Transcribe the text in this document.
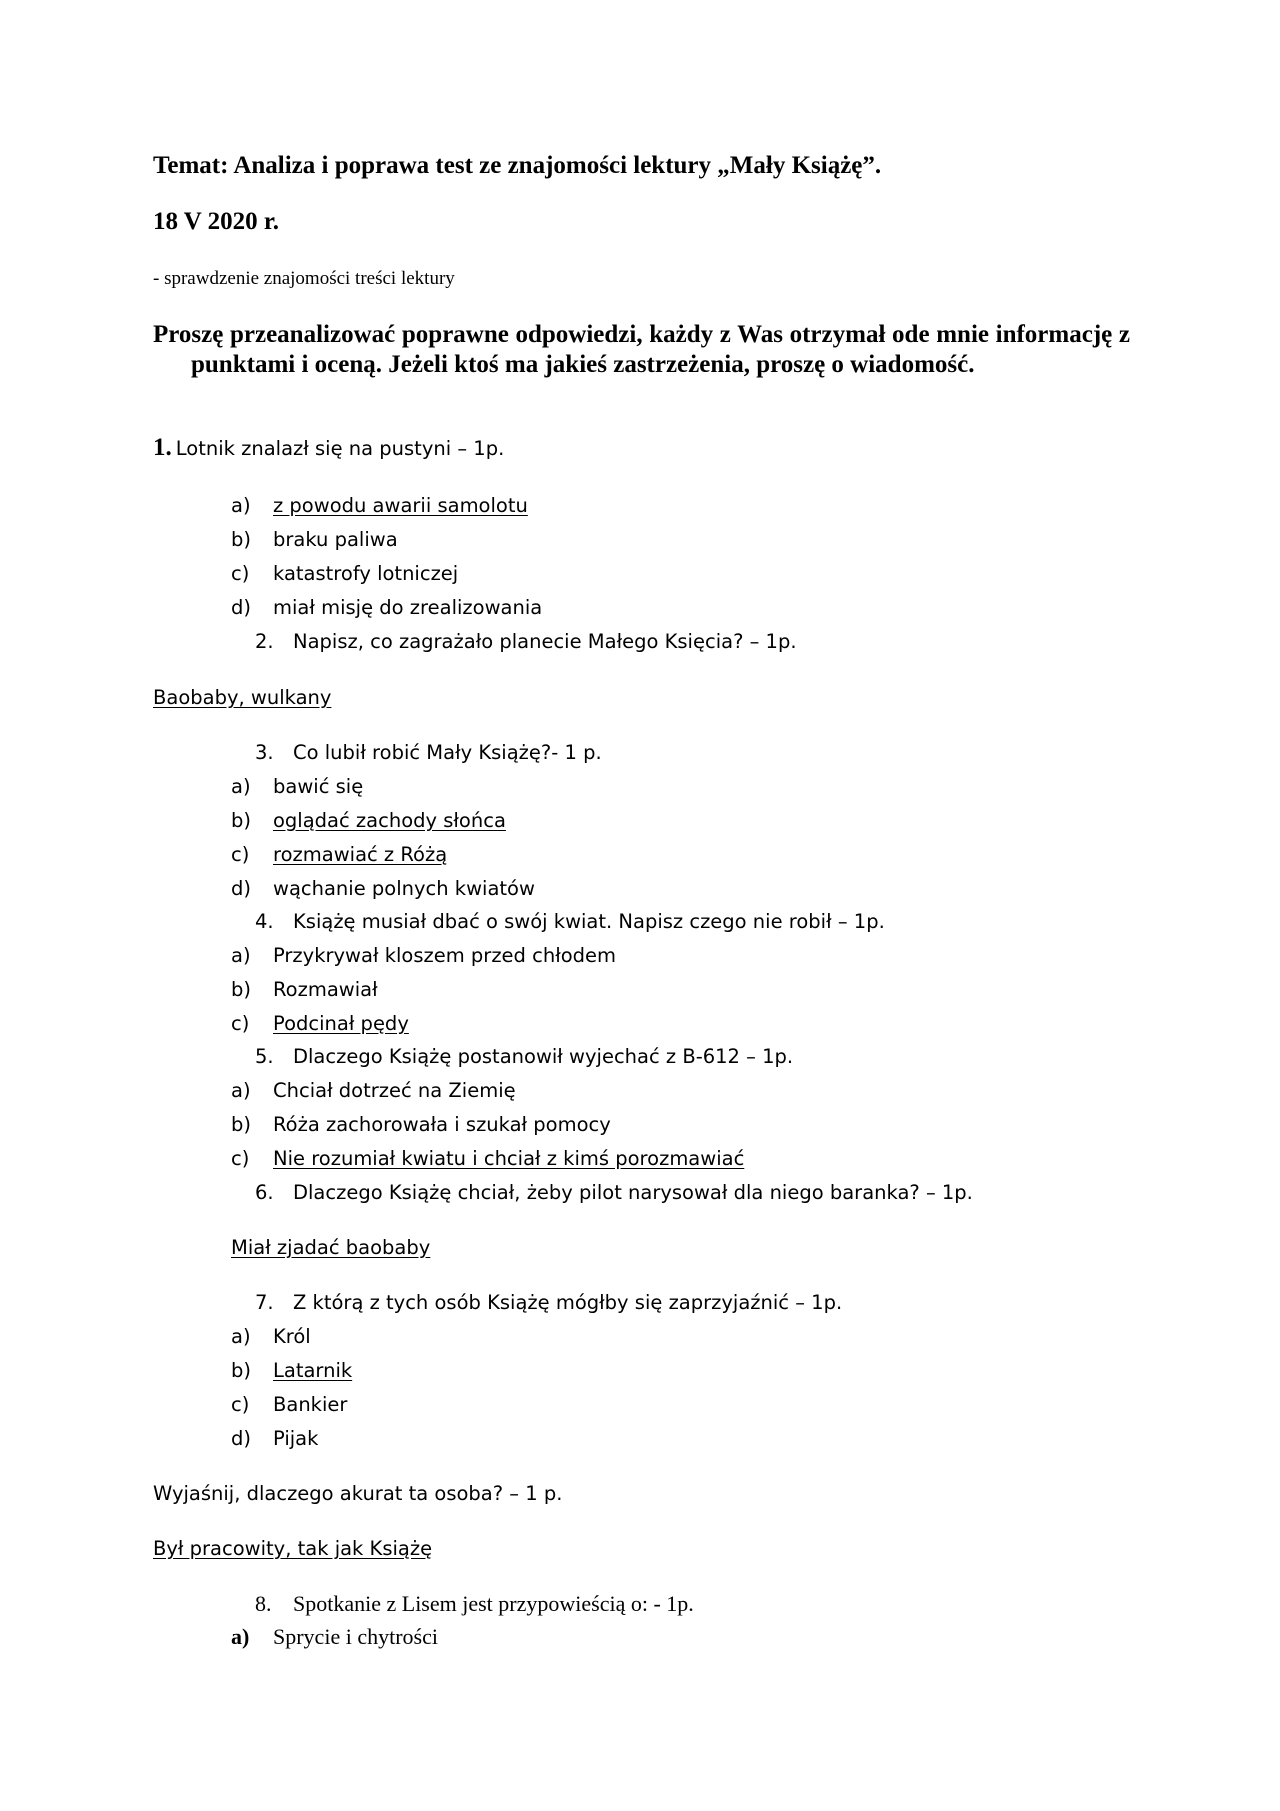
Temat: Analiza i poprawa test ze znajomości lektury „Mały Książę”.
18 V 2020 r.
- sprawdzenie znajomości treści lektury
Proszę przeanalizować poprawne odpowiedzi, każdy z Was otrzymał ode mnie informację z punktami i oceną. Jeżeli ktoś ma jakieś zastrzeżenia, proszę o wiadomość.
1. Lotnik znalazł się na pustyni – 1p.
a) z powodu awarii samolotu
b) braku paliwa
c) katastrofy lotniczej
d) miał misję do zrealizowania
2. Napisz, co zagrażało planecie Małego Księcia? – 1p.
Baobaby, wulkany
3. Co lubił robić Mały Książę?- 1 p.
a) bawić się
b) oglądać zachody słońca
c) rozmawiać z Różą
d) wąchanie polnych kwiatów
4. Książę musiał dbać o swój kwiat. Napisz czego nie robił – 1p.
a) Przykrywał kloszem przed chłodem
b) Rozmawiał
c) Podcinał pędy
5. Dlaczego Książę postanowił wyjechać z B-612 – 1p.
a) Chciał dotrzeć na Ziemię
b) Róża zachorowała i szukał pomocy
c) Nie rozumiał kwiatu i chciał z kimś porozmawiać
6. Dlaczego Książę chciał, żeby pilot narysował dla niego baranka? – 1p.
Miał zjadać baobaby
7. Z którą z tych osób Książę mógłby się zaprzyjaźnić – 1p.
a) Król
b) Latarnik
c) Bankier
d) Pijak
Wyjaśnij, dlaczego akurat ta osoba? – 1 p.
Był pracowity, tak jak Książę
8. Spotkanie z Lisem jest przypowieścią o: - 1p.
a) Sprycie i chytrości
